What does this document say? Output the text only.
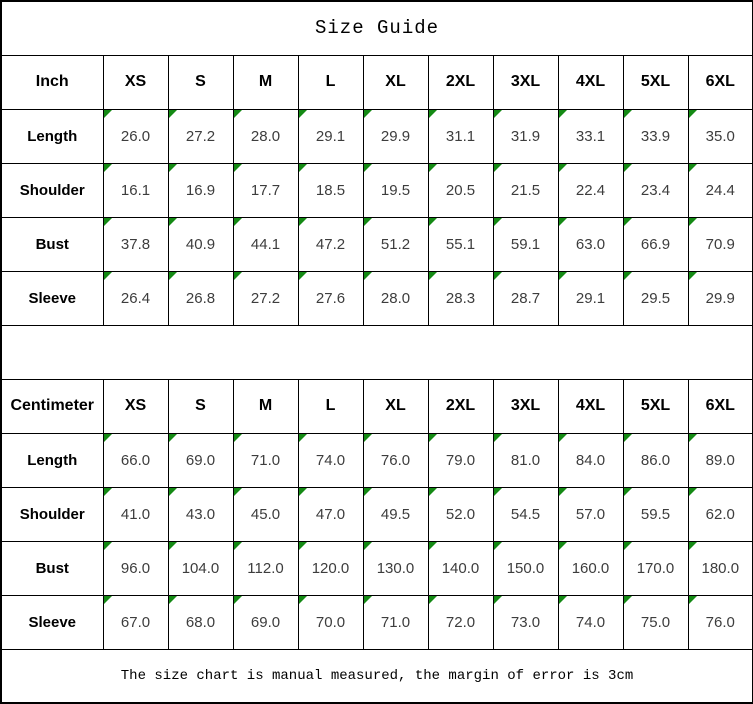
Size Guide										
Inch	XS	S	M	L	XL	2XL	3XL	4XL	5XL	6XL
Length	26.0	27.2	28.0	29.1	29.9	31.1	31.9	33.1	33.9	35.0
Shoulder	16.1	16.9	17.7	18.5	19.5	20.5	21.5	22.4	23.4	24.4
Bust	37.8	40.9	44.1	47.2	51.2	55.1	59.1	63.0	66.9	70.9
Sleeve	26.4	26.8	27.2	27.6	28.0	28.3	28.7	29.1	29.5	29.9

Centimeter	XS	S	M	L	XL	2XL	3XL	4XL	5XL	6XL
Length	66.0	69.0	71.0	74.0	76.0	79.0	81.0	84.0	86.0	89.0
Shoulder	41.0	43.0	45.0	47.0	49.5	52.0	54.5	57.0	59.5	62.0
Bust	96.0	104.0	112.0	120.0	130.0	140.0	150.0	160.0	170.0	180.0
Sleeve	67.0	68.0	69.0	70.0	71.0	72.0	73.0	74.0	75.0	76.0
The size chart is manual measured, the margin of error is 3cm										
